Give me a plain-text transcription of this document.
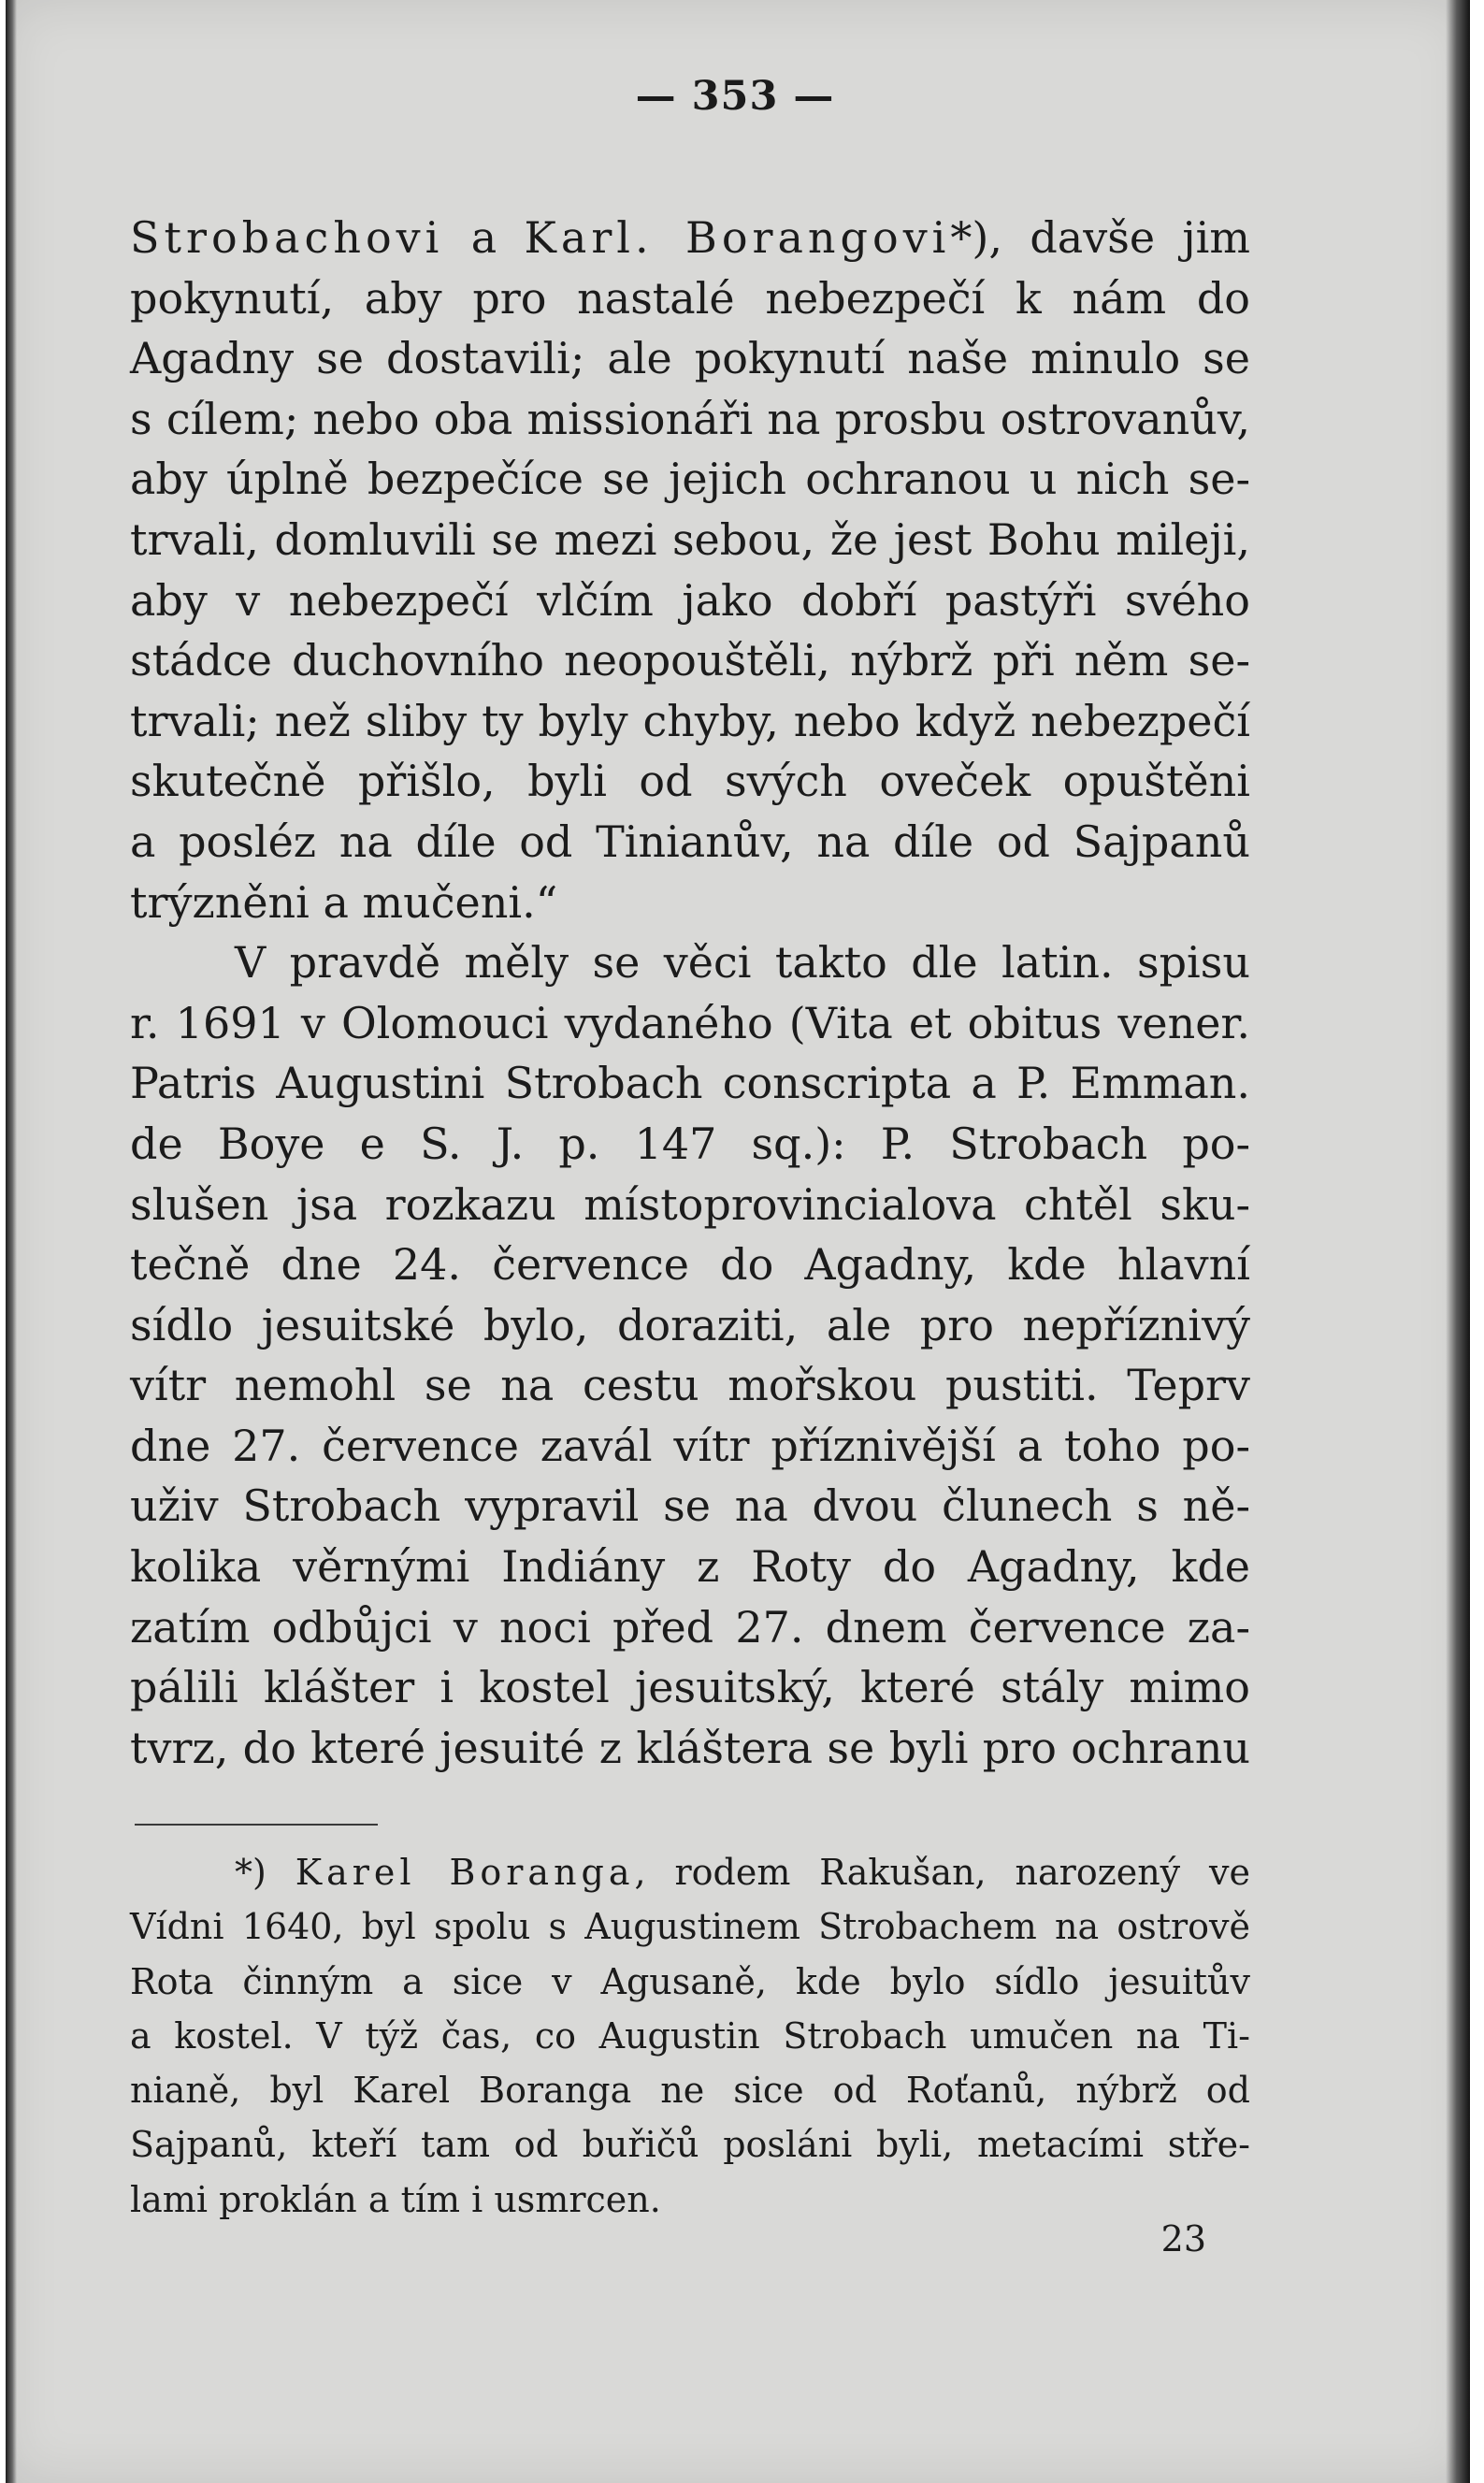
— 353 —
Strobachovi a Karl. Borangovi*), davše jim
pokynutí, aby pro nastalé nebezpečí k nám do
Agadny se dostavili; ale pokynutí naše minulo se
s cílem; nebo oba missionáři na prosbu ostrovanův,
aby úplně bezpečíce se jejich ochranou u nich se-
trvali, domluvili se mezi sebou, že jest Bohu mileji,
aby v nebezpečí vlčím jako dobří pastýři svého
stádce duchovního neopouštěli, nýbrž při něm se-
trvali; než sliby ty byly chyby, nebo když nebezpečí
skutečně přišlo, byli od svých oveček opuštěni
a posléz na díle od Tinianův, na díle od Sajpanů
trýzněni a mučeni.“
V pravdě měly se věci takto dle latin. spisu
r. 1691 v Olomouci vydaného (Vita et obitus vener.
Patris Augustini Strobach conscripta a P. Emman.
de Boye e S. J. p. 147 sq.): P. Strobach po-
slušen jsa rozkazu místoprovincialova chtěl sku-
tečně dne 24. července do Agadny, kde hlavní
sídlo jesuitské bylo, doraziti, ale pro nepříznivý
vítr nemohl se na cestu mořskou pustiti. Teprv
dne 27. července zavál vítr příznivější a toho po-
uživ Strobach vypravil se na dvou člunech s ně-
kolika věrnými Indiány z Roty do Agadny, kde
zatím odbůjci v noci před 27. dnem července za-
pálili klášter i kostel jesuitský, které stály mimo
tvrz, do které jesuité z kláštera se byli pro ochranu
*) Karel Boranga, rodem Rakušan, narozený ve
Vídni 1640, byl spolu s Augustinem Strobachem na ostrově
Rota činným a sice v Agusaně, kde bylo sídlo jesuitův
a kostel. V týž čas, co Augustin Strobach umučen na Ti-
nianě, byl Karel Boranga ne sice od Roťanů, nýbrž od
Sajpanů, kteří tam od buřičů posláni byli, metacími stře-
lami proklán a tím i usmrcen.
23
